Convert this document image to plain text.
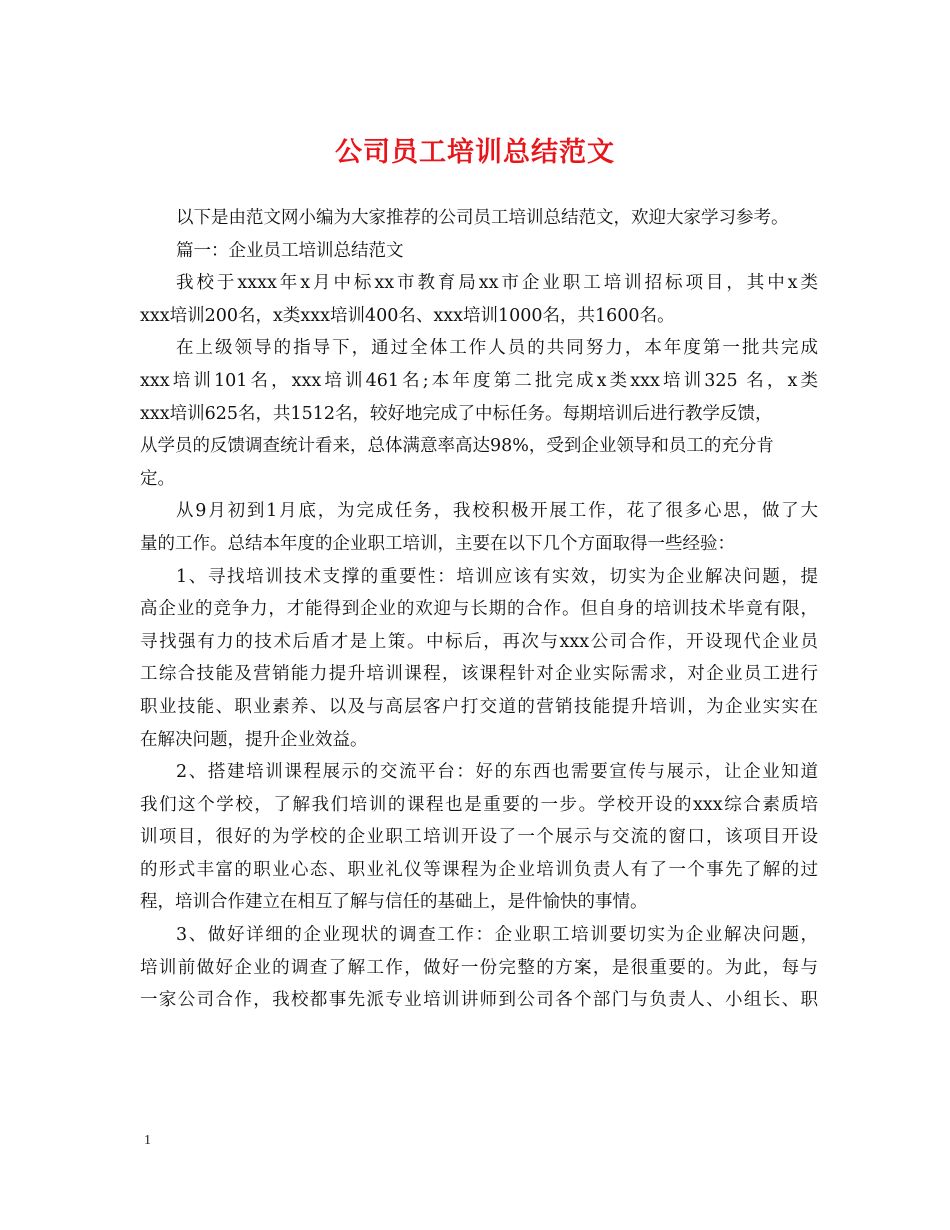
公司员工培训总结范文
以下是由范文网小编为大家推荐的公司员工培训总结范文，欢迎大家学习参考。
篇一：企业员工培训总结范文
我校于xxxx年x月中标xx市教育局xx市企业职工培训招标项目，其中x类
xxx培训200名，x类xxx培训400名、xxx培训1000名，共1600名。
在上级领导的指导下，通过全体工作人员的共同努力，本年度第一批共完成
xxx培训101名，xxx培训461名;本年度第二批完成x类xxx培训325 名，x类
xxx培训625名，共1512名，较好地完成了中标任务。每期培训后进行教学反馈，
从学员的反馈调查统计看来，总体满意率高达98%，受到企业领导和员工的充分肯
定。
从9月初到1月底，为完成任务，我校积极开展工作，花了很多心思，做了大
量的工作。总结本年度的企业职工培训，主要在以下几个方面取得一些经验：
1、寻找培训技术支撑的重要性：培训应该有实效，切实为企业解决问题，提
高企业的竞争力，才能得到企业的欢迎与长期的合作。但自身的培训技术毕竟有限，
寻找强有力的技术后盾才是上策。中标后，再次与xxx公司合作，开设现代企业员
工综合技能及营销能力提升培训课程，该课程针对企业实际需求，对企业员工进行
职业技能、职业素养、以及与高层客户打交道的营销技能提升培训，为企业实实在
在解决问题，提升企业效益。
2、搭建培训课程展示的交流平台：好的东西也需要宣传与展示，让企业知道
我们这个学校，了解我们培训的课程也是重要的一步。学校开设的xxx综合素质培
训项目，很好的为学校的企业职工培训开设了一个展示与交流的窗口，该项目开设
的形式丰富的职业心态、职业礼仪等课程为企业培训负责人有了一个事先了解的过
程，培训合作建立在相互了解与信任的基础上，是件愉快的事情。
3、做好详细的企业现状的调查工作：企业职工培训要切实为企业解决问题，
培训前做好企业的调查了解工作，做好一份完整的方案，是很重要的。为此，每与
一家公司合作，我校都事先派专业培训讲师到公司各个部门与负责人、小组长、职
1
